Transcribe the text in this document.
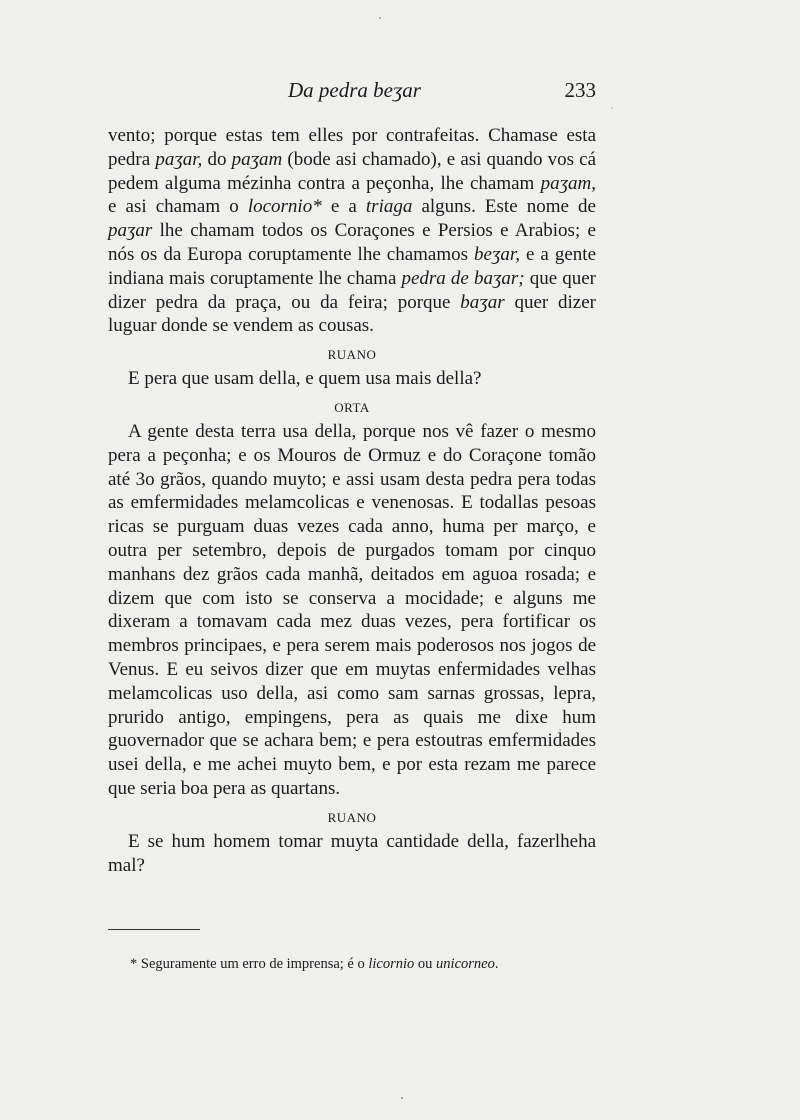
Da pedra beʒar	233

vento; porque estas tem elles por contrafeitas. Chamase esta pedra paʒar, do paʒam (bode asi chamado), e asi quando vos cá pedem alguma mézinha contra a peçonha, lhe chamam paʒam, e asi chamam o locornio* e a triaga alguns. Este nome de paʒar lhe chamam todos os Coraçones e Persios e Arabios; e nós os da Europa coruptamente lhe chamamos beʒar, e a gente indiana mais coruptamente lhe chama pedra de baʒar; que quer dizer pedra da praça, ou da feira; porque baʒar quer dizer luguar donde se vendem as cousas.

RUANO

E pera que usam della, e quem usa mais della?

ORTA

A gente desta terra usa della, porque nos vê fazer o mesmo pera a peçonha; e os Mouros de Ormuz e do Coraçone tomão até 3o grãos, quando muyto; e assi usam desta pedra pera todas as emfermidades melamcolicas e venenosas. E todallas pesoas ricas se purguam duas vezes cada anno, huma per março, e outra per setembro, depois de purgados tomam por cinquo manhans dez grãos cada manhã, deitados em aguoa rosada; e dizem que com isto se conserva a mocidade; e alguns me dixeram a tomavam cada mez duas vezes, pera fortificar os membros principaes, e pera serem mais poderosos nos jogos de Venus. E eu seivos dizer que em muytas enfermidades velhas melamcolicas uso della, asi como sam sarnas grossas, lepra, prurido antigo, empingens, pera as quais me dixe hum guovernador que se achara bem; e pera estoutras emfermidades usei della, e me achei muyto bem, e por esta rezam me parece que seria boa pera as quartans.

RUANO

E se hum homem tomar muyta cantidade della, fazerlheha mal?

* Seguramente um erro de imprensa; é o licornio ou unicorneo.
